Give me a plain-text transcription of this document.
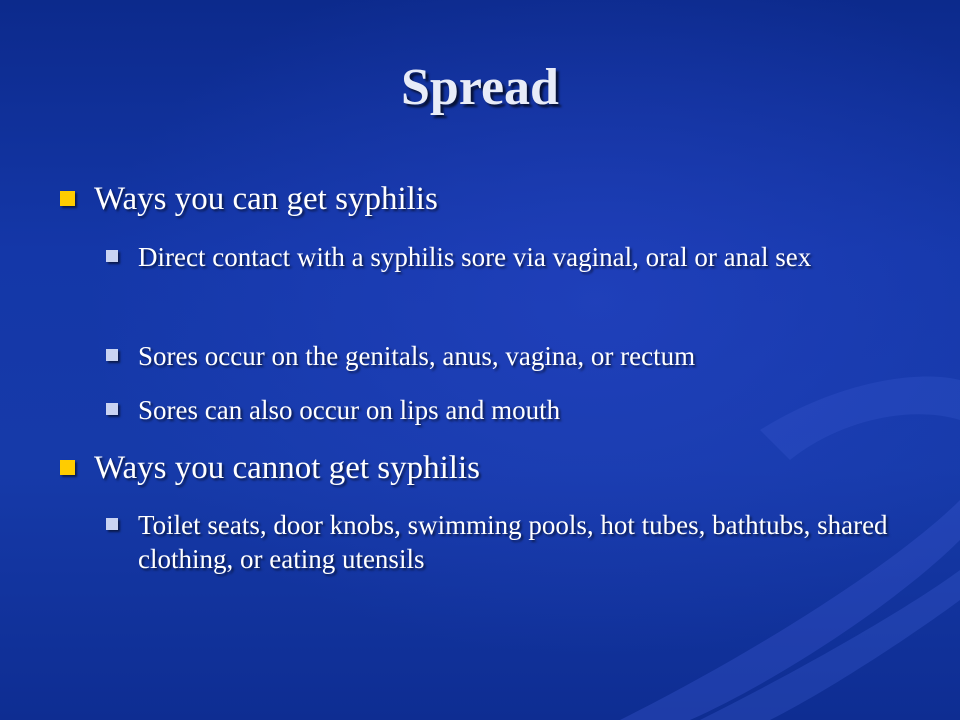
Spread
Ways you can get syphilis
Direct contact with a syphilis sore via vaginal, oral or anal sex
Sores occur on the genitals, anus, vagina, or rectum
Sores can also occur on lips and mouth
Ways you cannot get syphilis
Toilet seats, door knobs, swimming pools, hot tubes, bathtubs, shared clothing, or eating utensils
